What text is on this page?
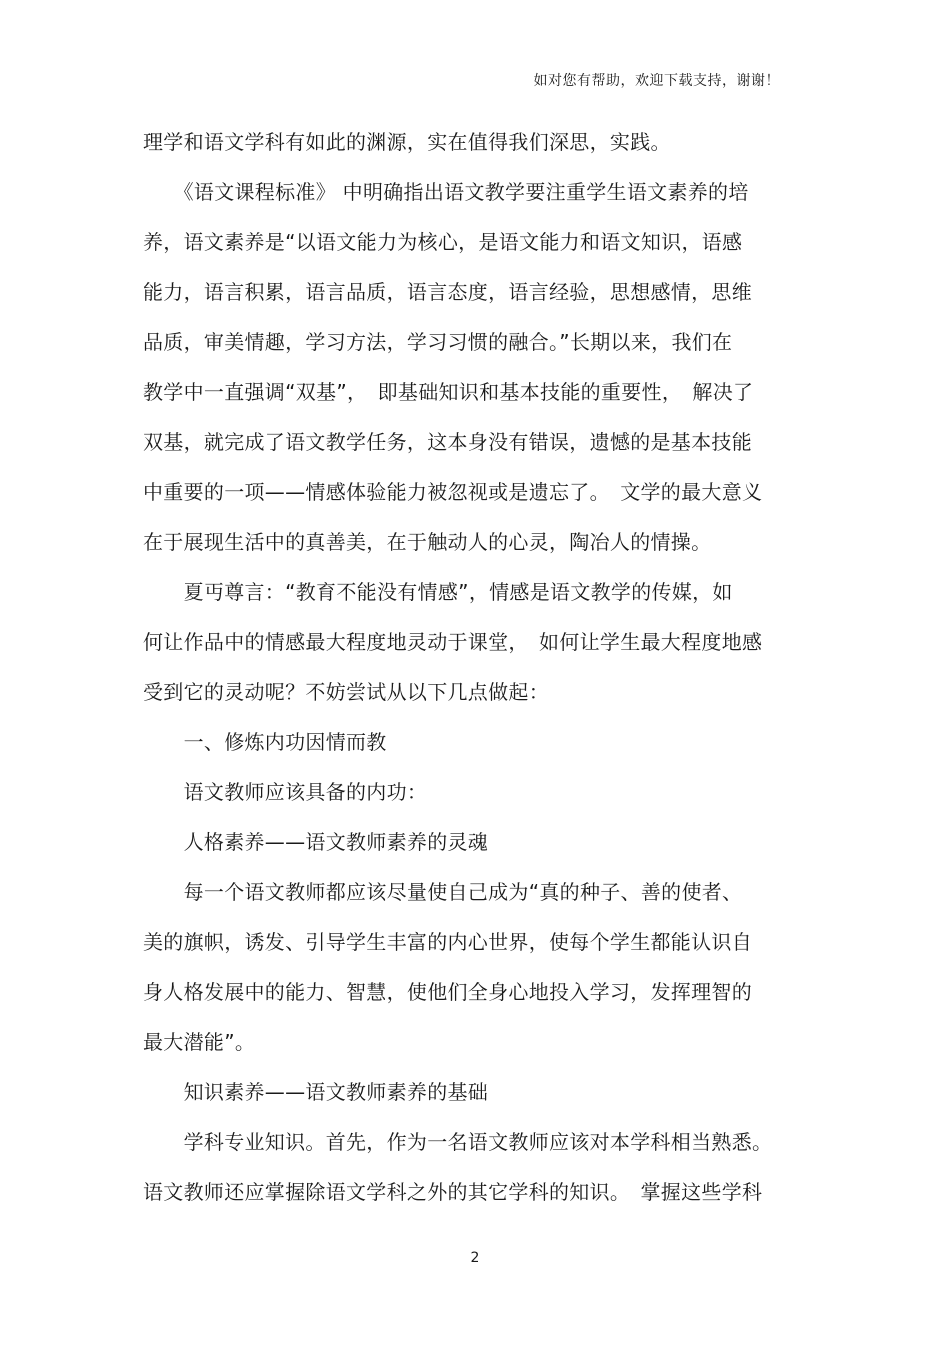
如对您有帮助，欢迎下载支持，谢谢！
理学和语文学科有如此的渊源，实在值得我们深思，实践。
　　《语文课程标准》 中明确指出语文教学要注重学生语文素养的培
养，语文素养是“以语文能力为核心，是语文能力和语文知识，语感
能力，语言积累，语言品质，语言态度，语言经验，思想感情，思维
品质，审美情趣，学习方法，学习习惯的融合。”长期以来，我们在
教学中一直强调“双基”，　即基础知识和基本技能的重要性，　解决了
双基，就完成了语文教学任务，这本身没有错误，遗憾的是基本技能
中重要的一项——情感体验能力被忽视或是遗忘了。　文学的最大意义
在于展现生活中的真善美，在于触动人的心灵，陶冶人的情操。
　　夏丏尊言：“教育不能没有情感”，情感是语文教学的传媒，如
何让作品中的情感最大程度地灵动于课堂，　如何让学生最大程度地感
受到它的灵动呢？不妨尝试从以下几点做起：
　　一、修炼内功因情而教
　　语文教师应该具备的内功：
　　人格素养——语文教师素养的灵魂
　　每一个语文教师都应该尽量使自己成为“真的种子、善的使者、
美的旗帜，诱发、引导学生丰富的内心世界，使每个学生都能认识自
身人格发展中的能力、智慧，使他们全身心地投入学习，发挥理智的
最大潜能”。
　　知识素养——语文教师素养的基础
　　学科专业知识。首先，作为一名语文教师应该对本学科相当熟悉。
语文教师还应掌握除语文学科之外的其它学科的知识。　掌握这些学科
2
